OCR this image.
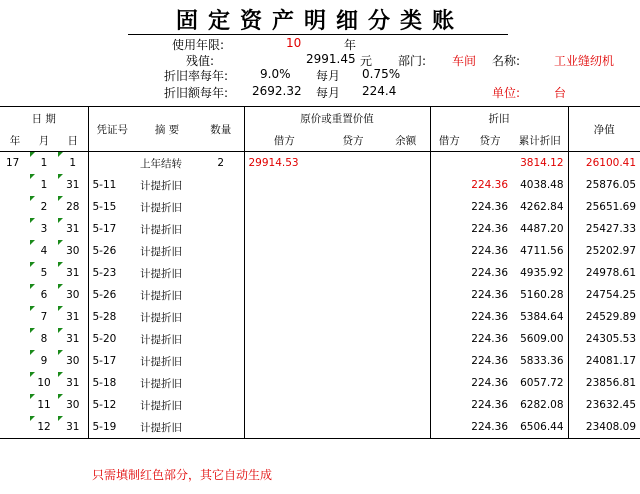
固定资产明细分类账
使用年限:	10	年
残值:	2991.45 元 部门: 车间 名称:	工业缝纫机
折旧率每年:	9.0% 每月 0.75%
折旧额每年: 2692.32 每月 224.4	单位:	台
日 期			凭证号	摘 要	数量	原价或重置价值			折旧			净值
年	月	日				借方	贷方	余额	借方	贷方	累计折旧	
17	1	1		上年结转	2	29914.53					3814.12	26100.41
	1	31	5-11	计提折旧						224.36	4038.48	25876.05
	2	28	5-15	计提折旧						224.36	4262.84	25651.69
	3	31	5-17	计提折旧						224.36	4487.20	25427.33
	4	30	5-26	计提折旧						224.36	4711.56	25202.97
	5	31	5-23	计提折旧						224.36	4935.92	24978.61
	6	30	5-26	计提折旧						224.36	5160.28	24754.25
	7	31	5-28	计提折旧						224.36	5384.64	24529.89
	8	31	5-20	计提折旧						224.36	5609.00	24305.53
	9	30	5-17	计提折旧						224.36	5833.36	24081.17
	10	31	5-18	计提折旧						224.36	6057.72	23856.81
	11	30	5-12	计提折旧						224.36	6282.08	23632.45
	12	31	5-19	计提折旧						224.36	6506.44	23408.09
只需填制红色部分，其它自动生成
